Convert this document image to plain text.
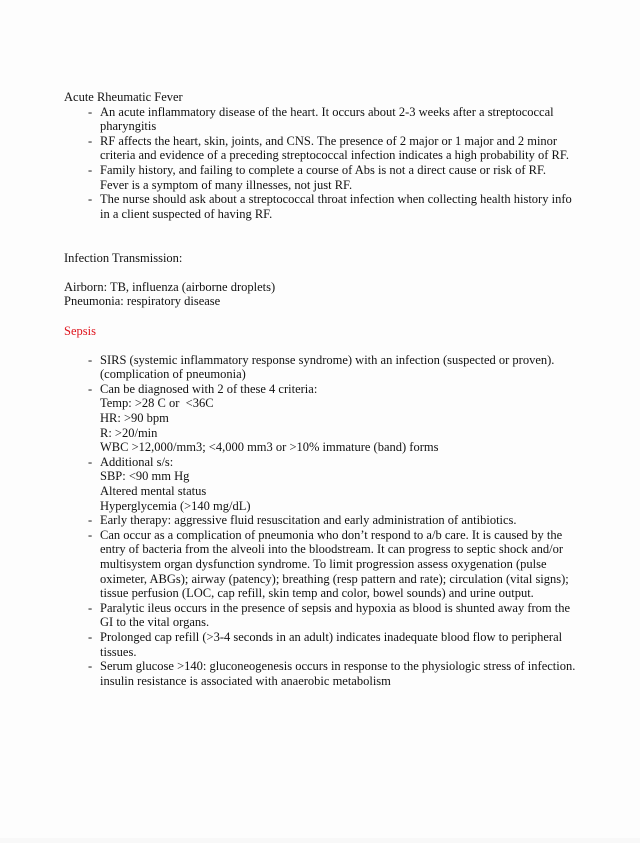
Acute Rheumatic Fever
- An acute inflammatory disease of the heart. It occurs about 2-3 weeks after a streptococcal pharyngitis
- RF affects the heart, skin, joints, and CNS. The presence of 2 major or 1 major and 2 minor criteria and evidence of a preceding streptococcal infection indicates a high probability of RF.
- Family history, and failing to complete a course of Abs is not a direct cause or risk of RF. Fever is a symptom of many illnesses, not just RF.
- The nurse should ask about a streptococcal throat infection when collecting health history info in a client suspected of having RF.
Infection Transmission:
Airborn: TB, influenza (airborne droplets)
Pneumonia: respiratory disease
Sepsis
- SIRS (systemic inflammatory response syndrome) with an infection (suspected or proven). (complication of pneumonia)
- Can be diagnosed with 2 of these 4 criteria:
Temp: >28 C or  <36C
HR: >90 bpm
R: >20/min
WBC >12,000/mm3; <4,000 mm3 or >10% immature (band) forms
- Additional s/s:
SBP: <90 mm Hg
Altered mental status
Hyperglycemia (>140 mg/dL)
- Early therapy: aggressive fluid resuscitation and early administration of antibiotics.
- Can occur as a complication of pneumonia who don’t respond to a/b care. It is caused by the entry of bacteria from the alveoli into the bloodstream. It can progress to septic shock and/or multisystem organ dysfunction syndrome. To limit progression assess oxygenation (pulse oximeter, ABGs); airway (patency); breathing (resp pattern and rate); circulation (vital signs); tissue perfusion (LOC, cap refill, skin temp and color, bowel sounds) and urine output.
- Paralytic ileus occurs in the presence of sepsis and hypoxia as blood is shunted away from the GI to the vital organs.
- Prolonged cap refill (>3-4 seconds in an adult) indicates inadequate blood flow to peripheral tissues.
- Serum glucose >140: gluconeogenesis occurs in response to the physiologic stress of infection. insulin resistance is associated with anaerobic metabolism
